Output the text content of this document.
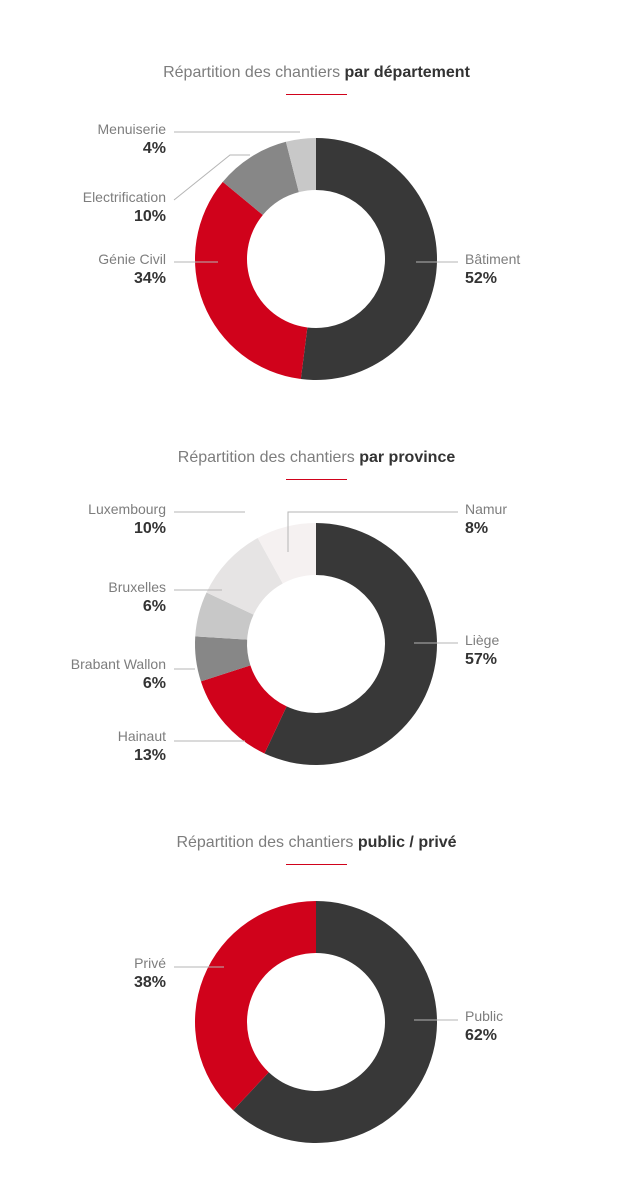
Répartition des chantiers par département
Répartition des chantiers par province
Répartition des chantiers public / privé
Bâtiment
52%
Génie Civil
34%
Electrification
10%
Menuiserie
4%
Liège
57%
Hainaut
13%
Brabant Wallon
6%
Bruxelles
6%
Luxembourg
10%
Namur
8%
Public
62%
Privé
38%
